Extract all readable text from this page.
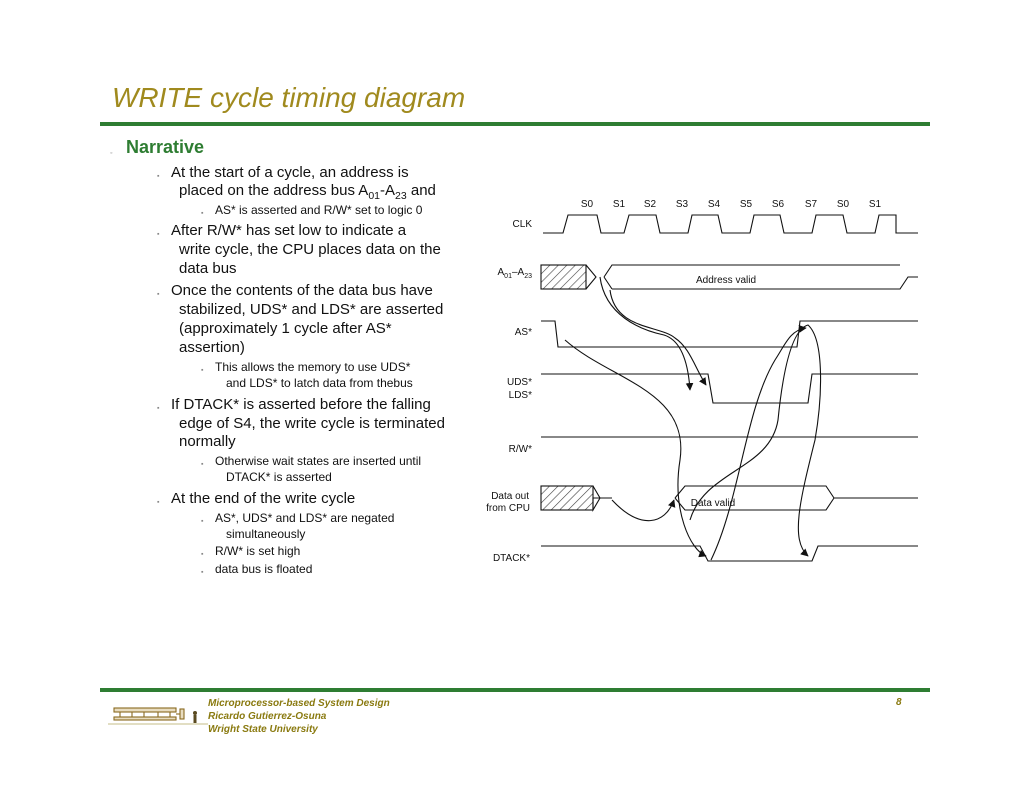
WRITE cycle timing diagram
◦ Narrative
▪ At the start of a cycle, an address is
placed on the address bus $A_{01}-A_{23}$ and
▪ AS* is asserted and R/W* set to logic 0
▪ After R/W* has set low to indicate a
write cycle, the CPU places data on the
data bus
▪ Once the contents of the data bus have
stabilized, UDS* and LDS* are asserted
(approximately 1 cycle after AS*
assertion)
▪ This allows the memory to use UDS*
and LDS* to latch data from thebus
▪ If DTACK* is asserted before the falling
edge of S4, the write cycle is terminated
normally
▪ Otherwise wait states are inserted until
DTACK* is asserted
▪ At the end of the write cycle
▪ AS*, UDS* and LDS* are negated
simultaneously
▪ R/W* is set high
▪ data bus is floated
S0 S1 S2 S3 S4 S5 S6 S7 S0 S1
CLK
$A_{01}-A_{23}$
AS*
UDS*
LDS*
R/W*
Data out
from CPU
DTACK*
Address valid
Data valid
Microprocessor-based System Design
Ricardo Gutierrez-Osuna
Wright State University
8
